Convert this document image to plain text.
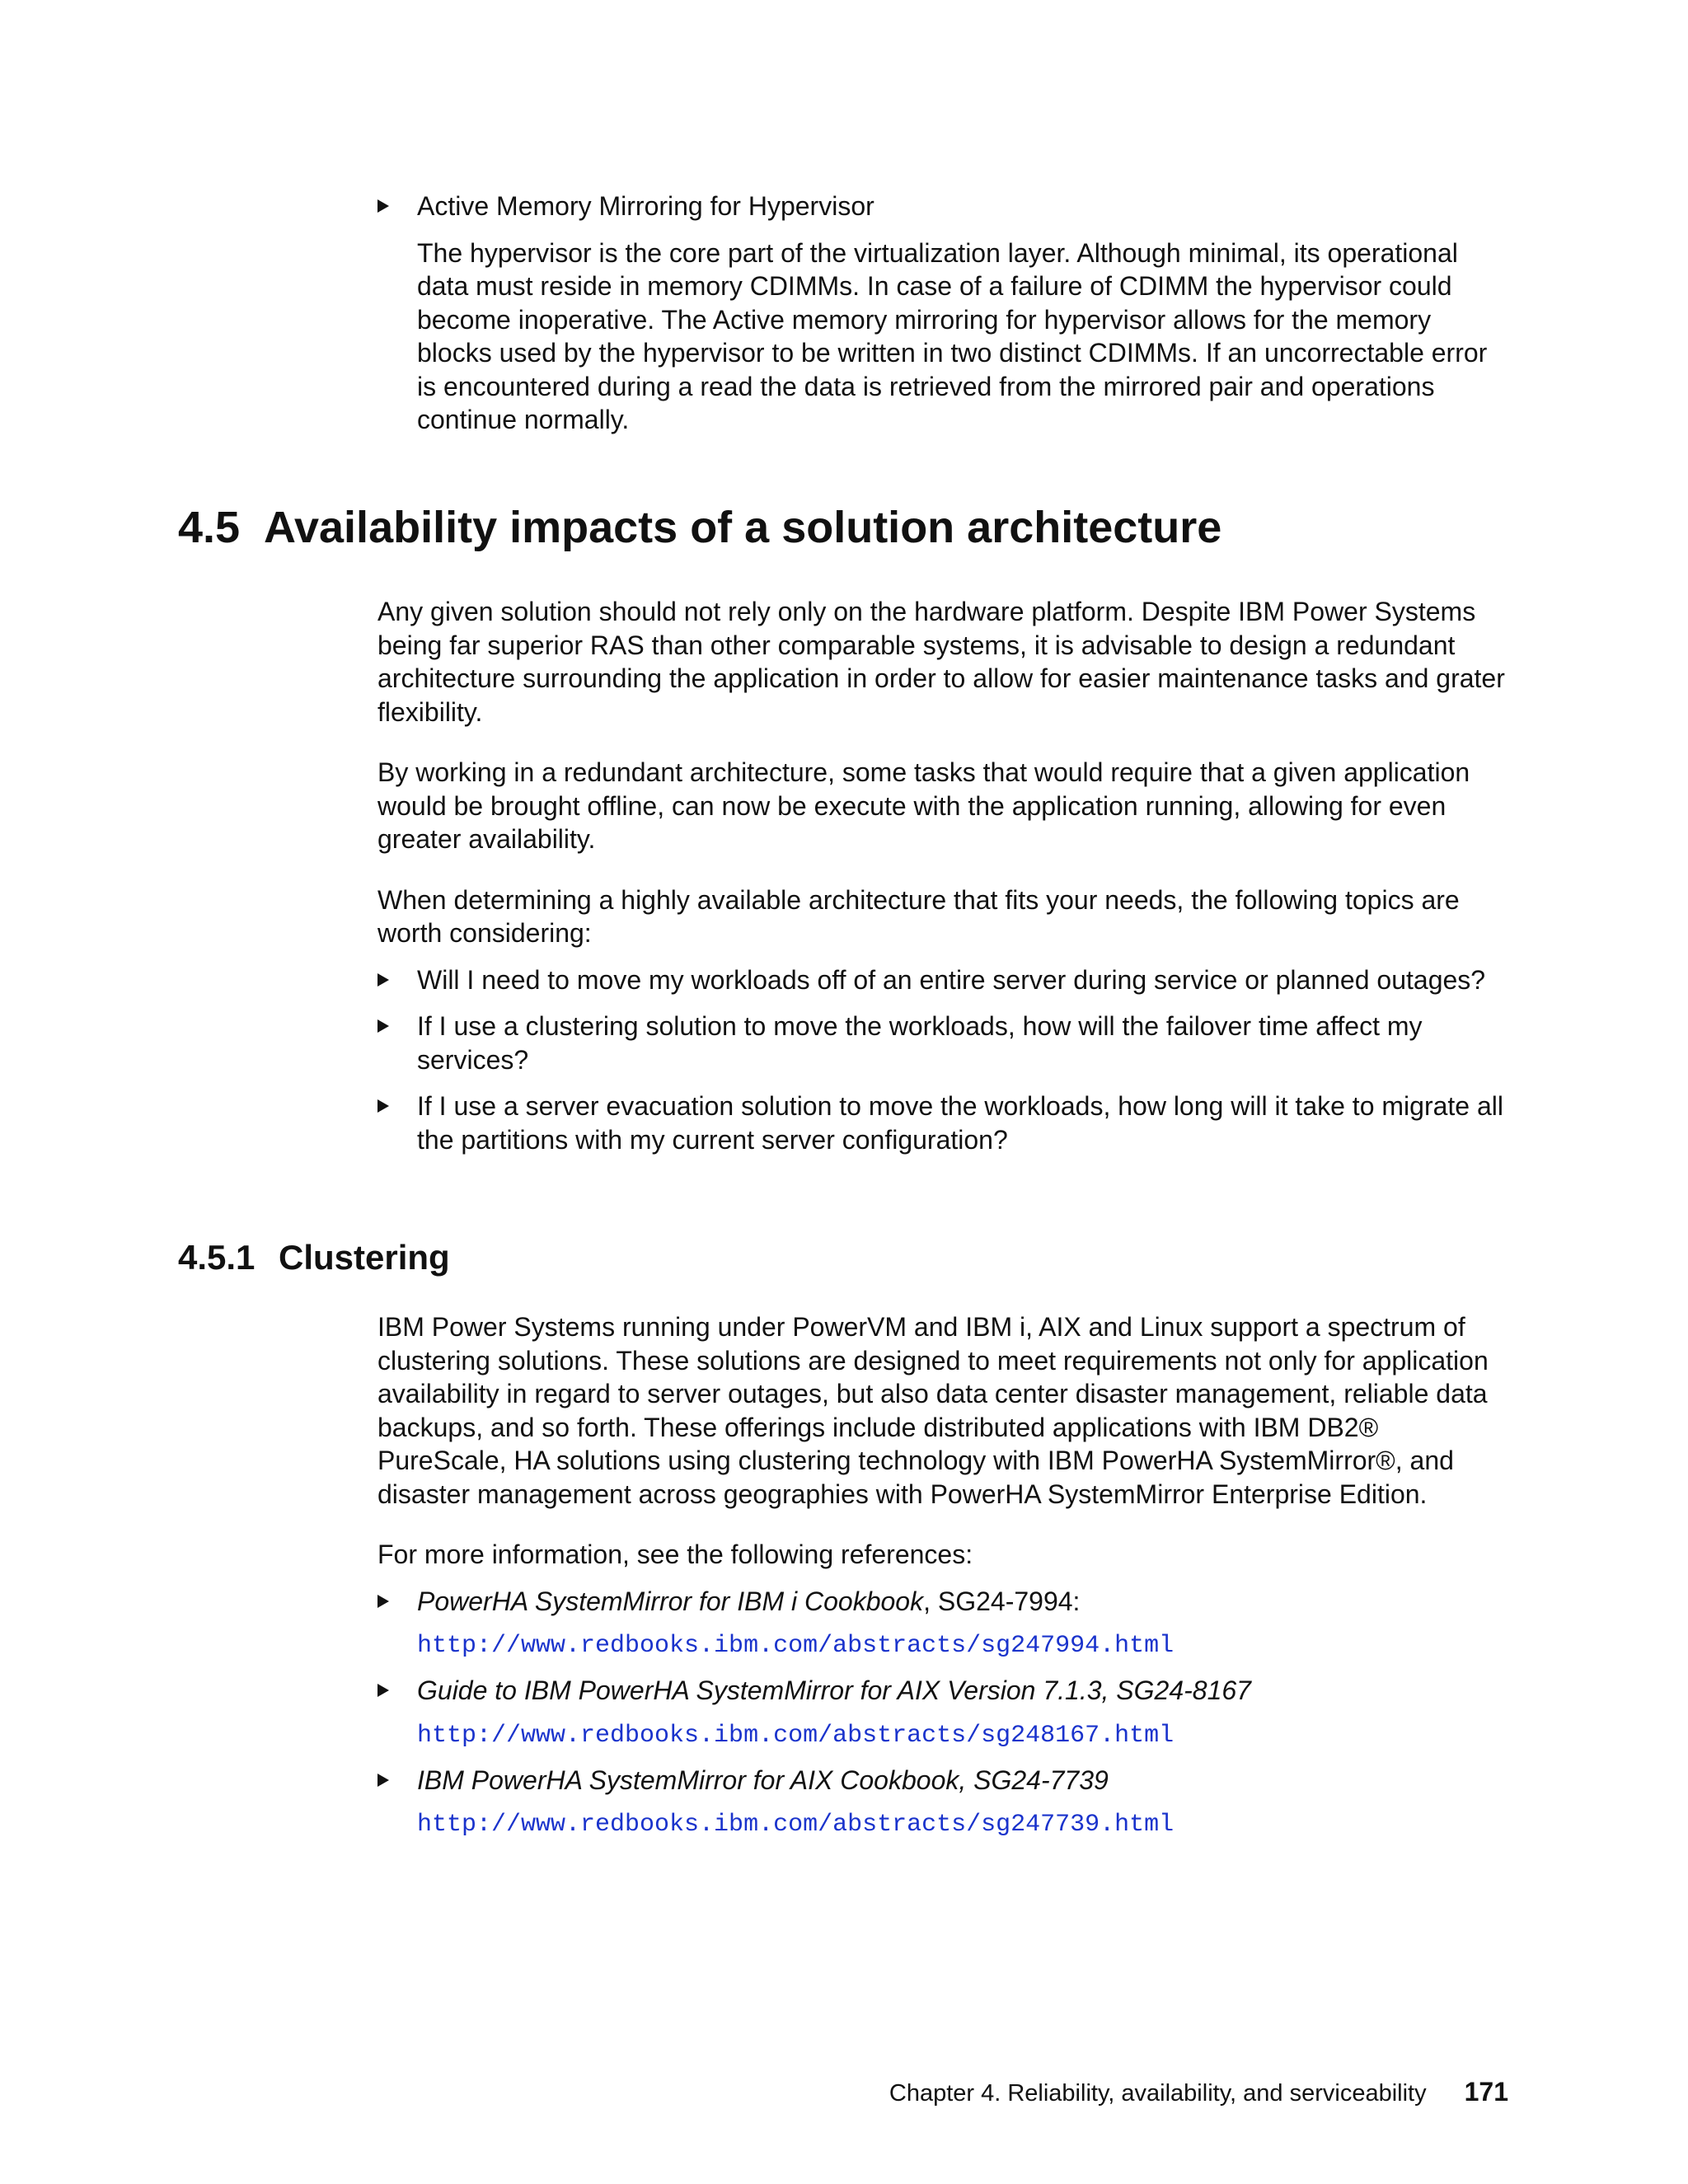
Active Memory Mirroring for Hypervisor

The hypervisor is the core part of the virtualization layer. Although minimal, its operational data must reside in memory CDIMMs. In case of a failure of CDIMM the hypervisor could become inoperative. The Active memory mirroring for hypervisor allows for the memory blocks used by the hypervisor to be written in two distinct CDIMMs. If an uncorrectable error is encountered during a read the data is retrieved from the mirrored pair and operations continue normally.

4.5 Availability impacts of a solution architecture

Any given solution should not rely only on the hardware platform. Despite IBM Power Systems being far superior RAS than other comparable systems, it is advisable to design a redundant architecture surrounding the application in order to allow for easier maintenance tasks and grater flexibility.

By working in a redundant architecture, some tasks that would require that a given application would be brought offline, can now be execute with the application running, allowing for even greater availability.

When determining a highly available architecture that fits your needs, the following topics are worth considering:

Will I need to move my workloads off of an entire server during service or planned outages?
If I use a clustering solution to move the workloads, how will the failover time affect my services?
If I use a server evacuation solution to move the workloads, how long will it take to migrate all the partitions with my current server configuration?
4.5.1 Clustering

IBM Power Systems running under PowerVM and IBM i, AIX and Linux support a spectrum of clustering solutions. These solutions are designed to meet requirements not only for application availability in regard to server outages, but also data center disaster management, reliable data backups, and so forth. These offerings include distributed applications with IBM DB2® PureScale, HA solutions using clustering technology with IBM PowerHA SystemMirror®, and disaster management across geographies with PowerHA SystemMirror Enterprise Edition.

For more information, see the following references:

PowerHA SystemMirror for IBM i Cookbook, SG24-7994:
http://www.redbooks.ibm.com/abstracts/sg247994.html
Guide to IBM PowerHA SystemMirror for AIX Version 7.1.3, SG24-8167
http://www.redbooks.ibm.com/abstracts/sg248167.html
IBM PowerHA SystemMirror for AIX Cookbook, SG24-7739
http://www.redbooks.ibm.com/abstracts/sg247739.html
Chapter 4. Reliability, availability, and serviceability 171
